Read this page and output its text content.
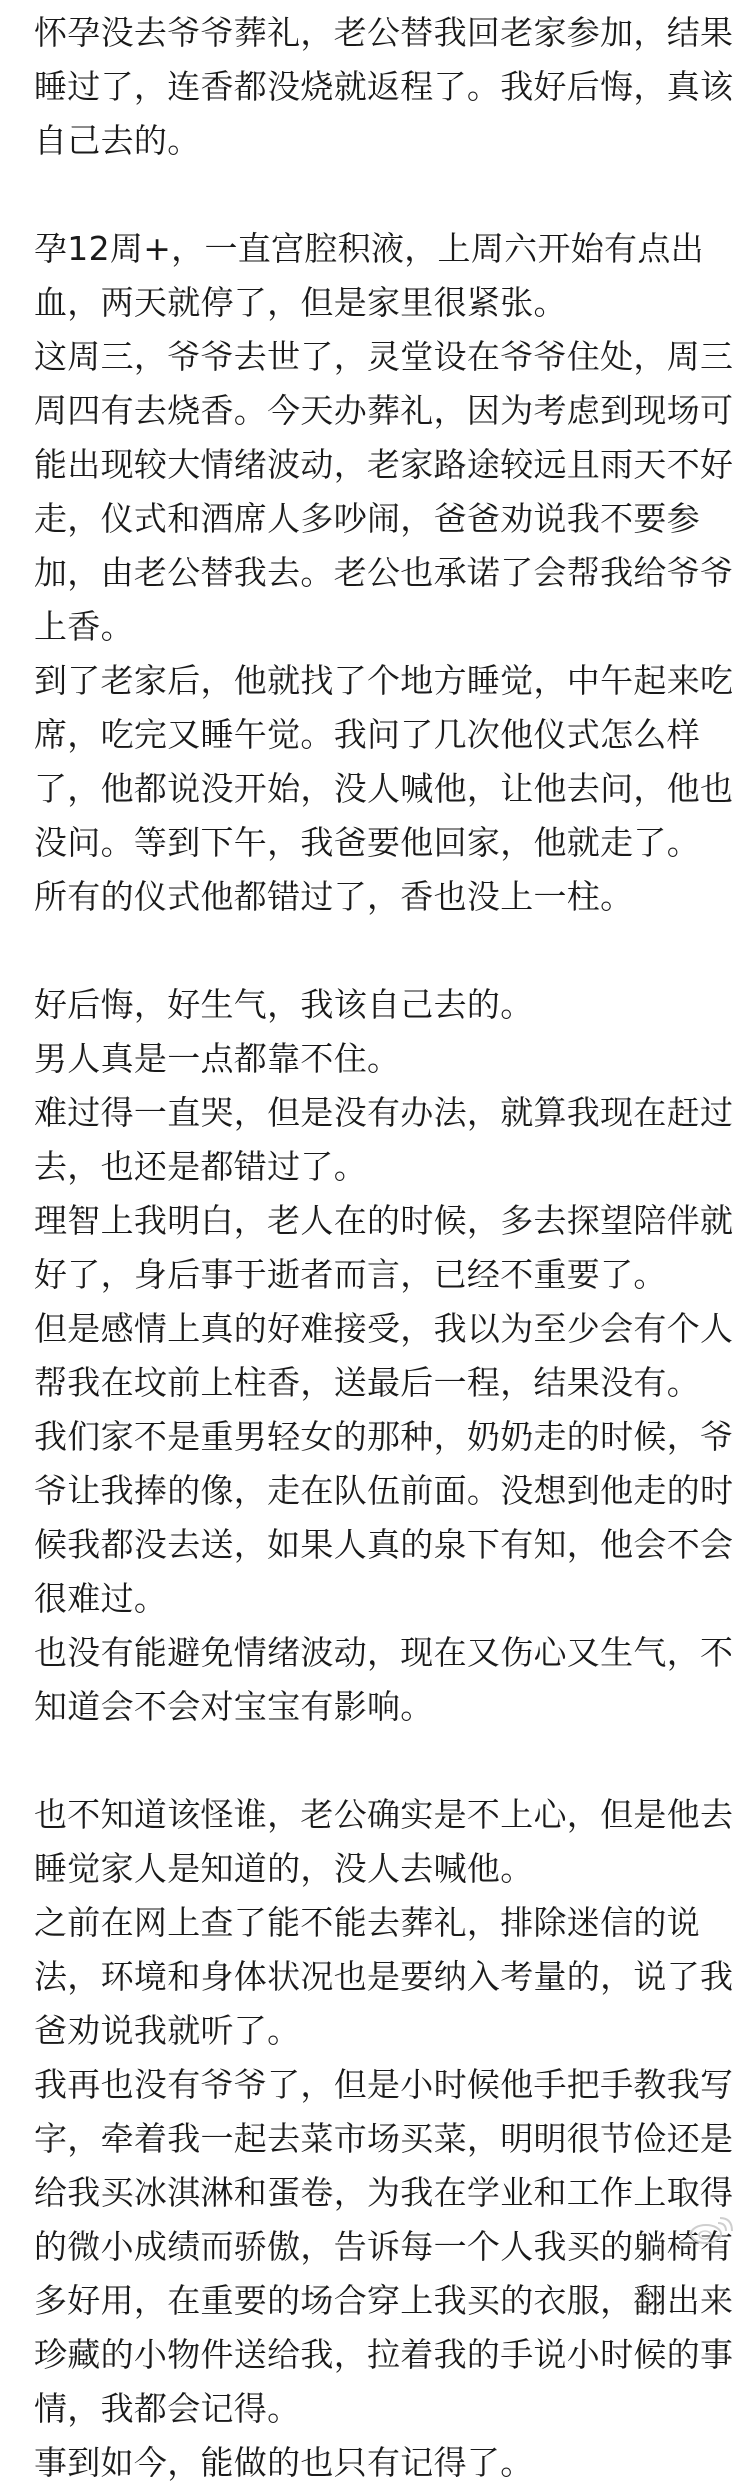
怀孕没去爷爷葬礼，老公替我回老家参加，结果睡过了，连香都没烧就返程了。我好后悔，真该自己去的。

孕12周+，一直宫腔积液，上周六开始有点出血，两天就停了，但是家里很紧张。

这周三，爷爷去世了，灵堂设在爷爷住处，周三周四有去烧香。今天办葬礼，因为考虑到现场可能出现较大情绪波动，老家路途较远且雨天不好走，仪式和酒席人多吵闹，爸爸劝说我不要参加，由老公替我去。老公也承诺了会帮我给爷爷上香。

到了老家后，他就找了个地方睡觉，中午起来吃席，吃完又睡午觉。我问了几次他仪式怎么样了，他都说没开始，没人喊他，让他去问，他也没问。等到下午，我爸要他回家，他就走了。

所有的仪式他都错过了，香也没上一柱。

好后悔，好生气，我该自己去的。

男人真是一点都靠不住。

难过得一直哭，但是没有办法，就算我现在赶过去，也还是都错过了。

理智上我明白，老人在的时候，多去探望陪伴就好了，身后事于逝者而言，已经不重要了。

但是感情上真的好难接受，我以为至少会有个人帮我在坟前上柱香，送最后一程，结果没有。

我们家不是重男轻女的那种，奶奶走的时候，爷爷让我捧的像，走在队伍前面。没想到他走的时候我都没去送，如果人真的泉下有知，他会不会很难过。

也没有能避免情绪波动，现在又伤心又生气，不知道会不会对宝宝有影响。

也不知道该怪谁，老公确实是不上心，但是他去睡觉家人是知道的，没人去喊他。

之前在网上查了能不能去葬礼，排除迷信的说法，环境和身体状况也是要纳入考量的，说了我爸劝说我就听了。

我再也没有爷爷了，但是小时候他手把手教我写字，牵着我一起去菜市场买菜，明明很节俭还是给我买冰淇淋和蛋卷，为我在学业和工作上取得的微小成绩而骄傲，告诉每一个人我买的躺椅有多好用，在重要的场合穿上我买的衣服，翻出来珍藏的小物件送给我，拉着我的手说小时候的事情，我都会记得。

事到如今，能做的也只有记得了。
